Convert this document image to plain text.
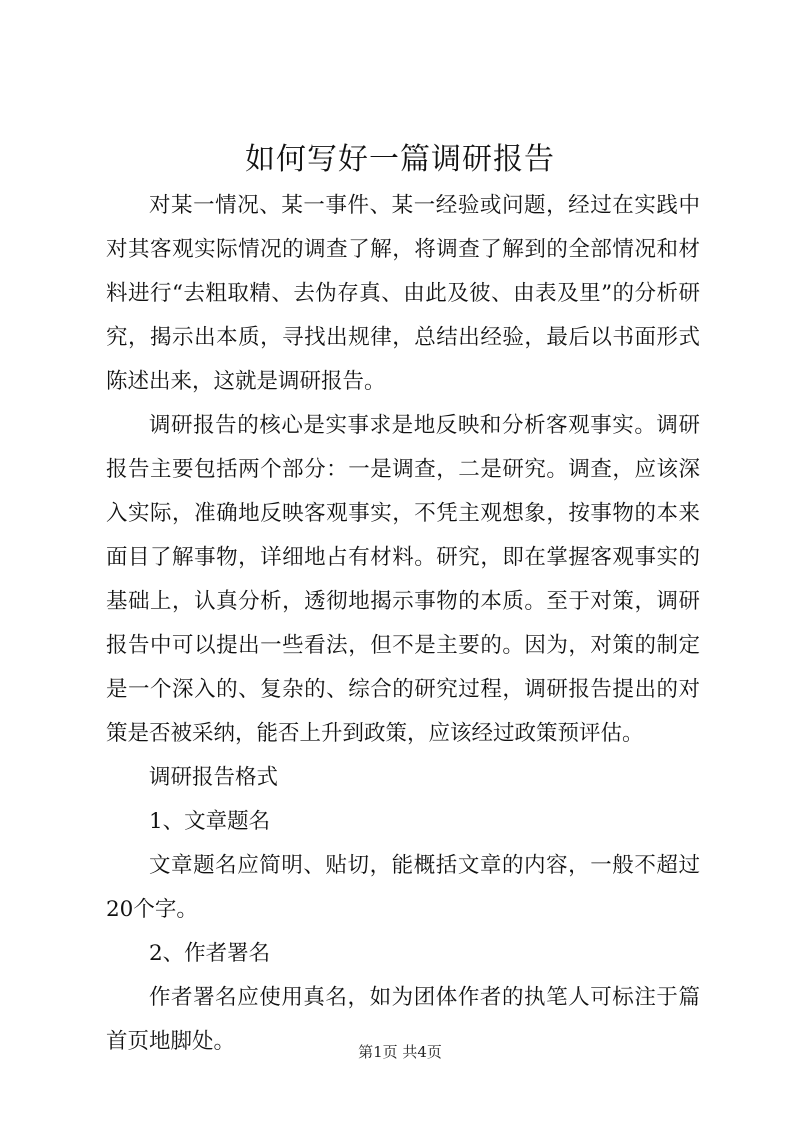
如何写好一篇调研报告

对某一情况、某一事件、某一经验或问题，经过在实践中对其客观实际情况的调查了解，将调查了解到的全部情况和材料进行“去粗取精、去伪存真、由此及彼、由表及里”的分析研究，揭示出本质，寻找出规律，总结出经验，最后以书面形式陈述出来，这就是调研报告。

调研报告的核心是实事求是地反映和分析客观事实。调研报告主要包括两个部分：一是调查，二是研究。调查，应该深入实际，准确地反映客观事实，不凭主观想象，按事物的本来面目了解事物，详细地占有材料。研究，即在掌握客观事实的基础上，认真分析，透彻地揭示事物的本质。至于对策，调研报告中可以提出一些看法，但不是主要的。因为，对策的制定是一个深入的、复杂的、综合的研究过程，调研报告提出的对策是否被采纳，能否上升到政策，应该经过政策预评估。

调研报告格式

1、文章题名

文章题名应简明、贴切，能概括文章的内容，一般不超过20个字。

2、作者署名

作者署名应使用真名，如为团体作者的执笔人可标注于篇首页地脚处。	第1页 共4页
